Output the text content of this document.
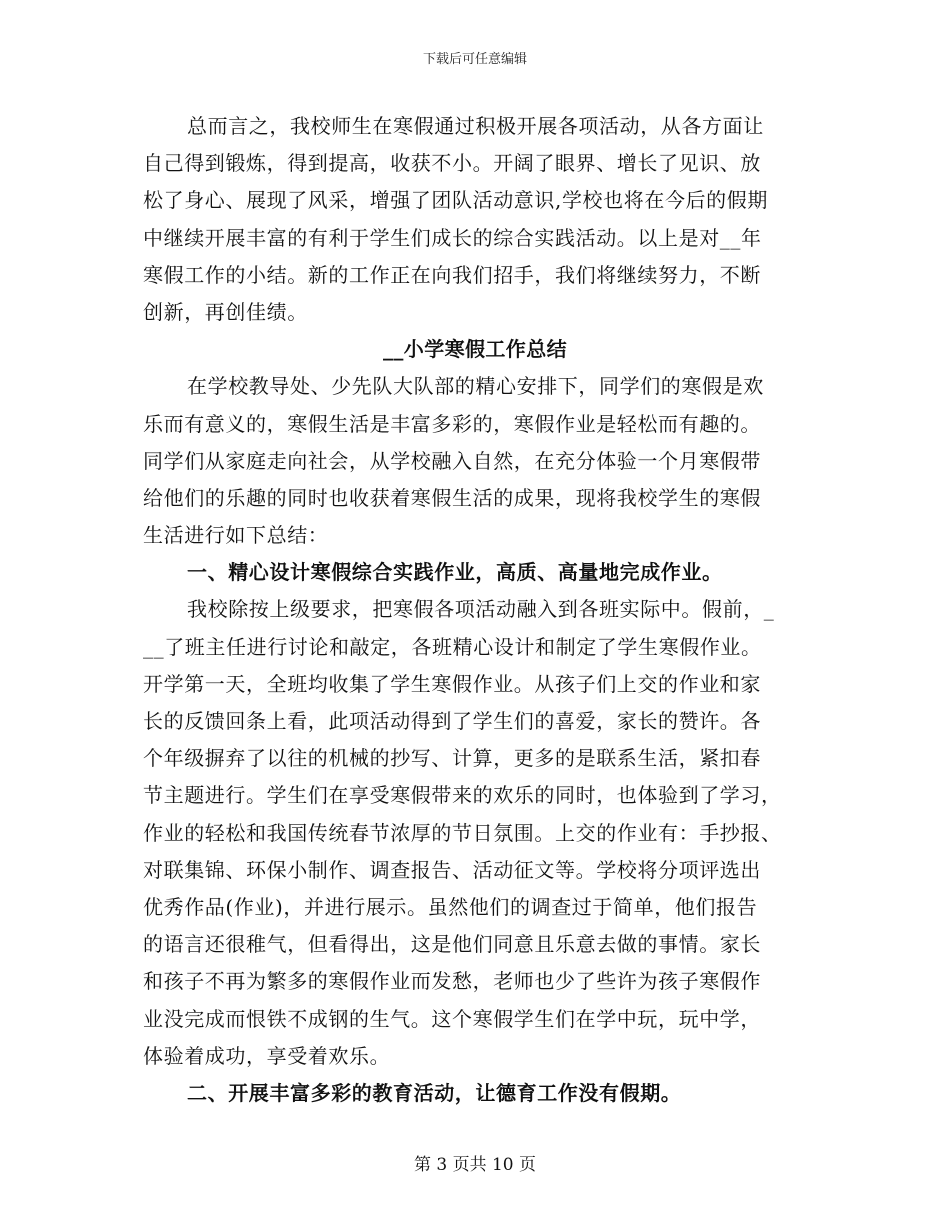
下载后可任意编辑
总而言之，我校师生在寒假通过积极开展各项活动，从各方面让
自己得到锻炼，得到提高，收获不小。开阔了眼界、增长了见识、放
松了身心、展现了风采，增强了团队活动意识,学校也将在今后的假期
中继续开展丰富的有利于学生们成长的综合实践活动。以上是对__年
寒假工作的小结。新的工作正在向我们招手，我们将继续努力，不断
创新，再创佳绩。
__小学寒假工作总结
在学校教导处、少先队大队部的精心安排下，同学们的寒假是欢
乐而有意义的，寒假生活是丰富多彩的，寒假作业是轻松而有趣的。
同学们从家庭走向社会，从学校融入自然，在充分体验一个月寒假带
给他们的乐趣的同时也收获着寒假生活的成果，现将我校学生的寒假
生活进行如下总结：
一、精心设计寒假综合实践作业，高质、高量地完成作业。
我校除按上级要求，把寒假各项活动融入到各班实际中。假前，_
__了班主任进行讨论和敲定，各班精心设计和制定了学生寒假作业。
开学第一天，全班均收集了学生寒假作业。从孩子们上交的作业和家
长的反馈回条上看，此项活动得到了学生们的喜爱，家长的赞许。各
个年级摒弃了以往的机械的抄写、计算，更多的是联系生活，紧扣春
节主题进行。学生们在享受寒假带来的欢乐的同时，也体验到了学习，
作业的轻松和我国传统春节浓厚的节日氛围。上交的作业有：手抄报、
对联集锦、环保小制作、调查报告、活动征文等。学校将分项评选出
优秀作品(作业)，并进行展示。虽然他们的调查过于简单，他们报告
的语言还很稚气，但看得出，这是他们同意且乐意去做的事情。家长
和孩子不再为繁多的寒假作业而发愁，老师也少了些许为孩子寒假作
业没完成而恨铁不成钢的生气。这个寒假学生们在学中玩，玩中学，
体验着成功，享受着欢乐。
二、开展丰富多彩的教育活动，让德育工作没有假期。
第 3 页共 10 页
